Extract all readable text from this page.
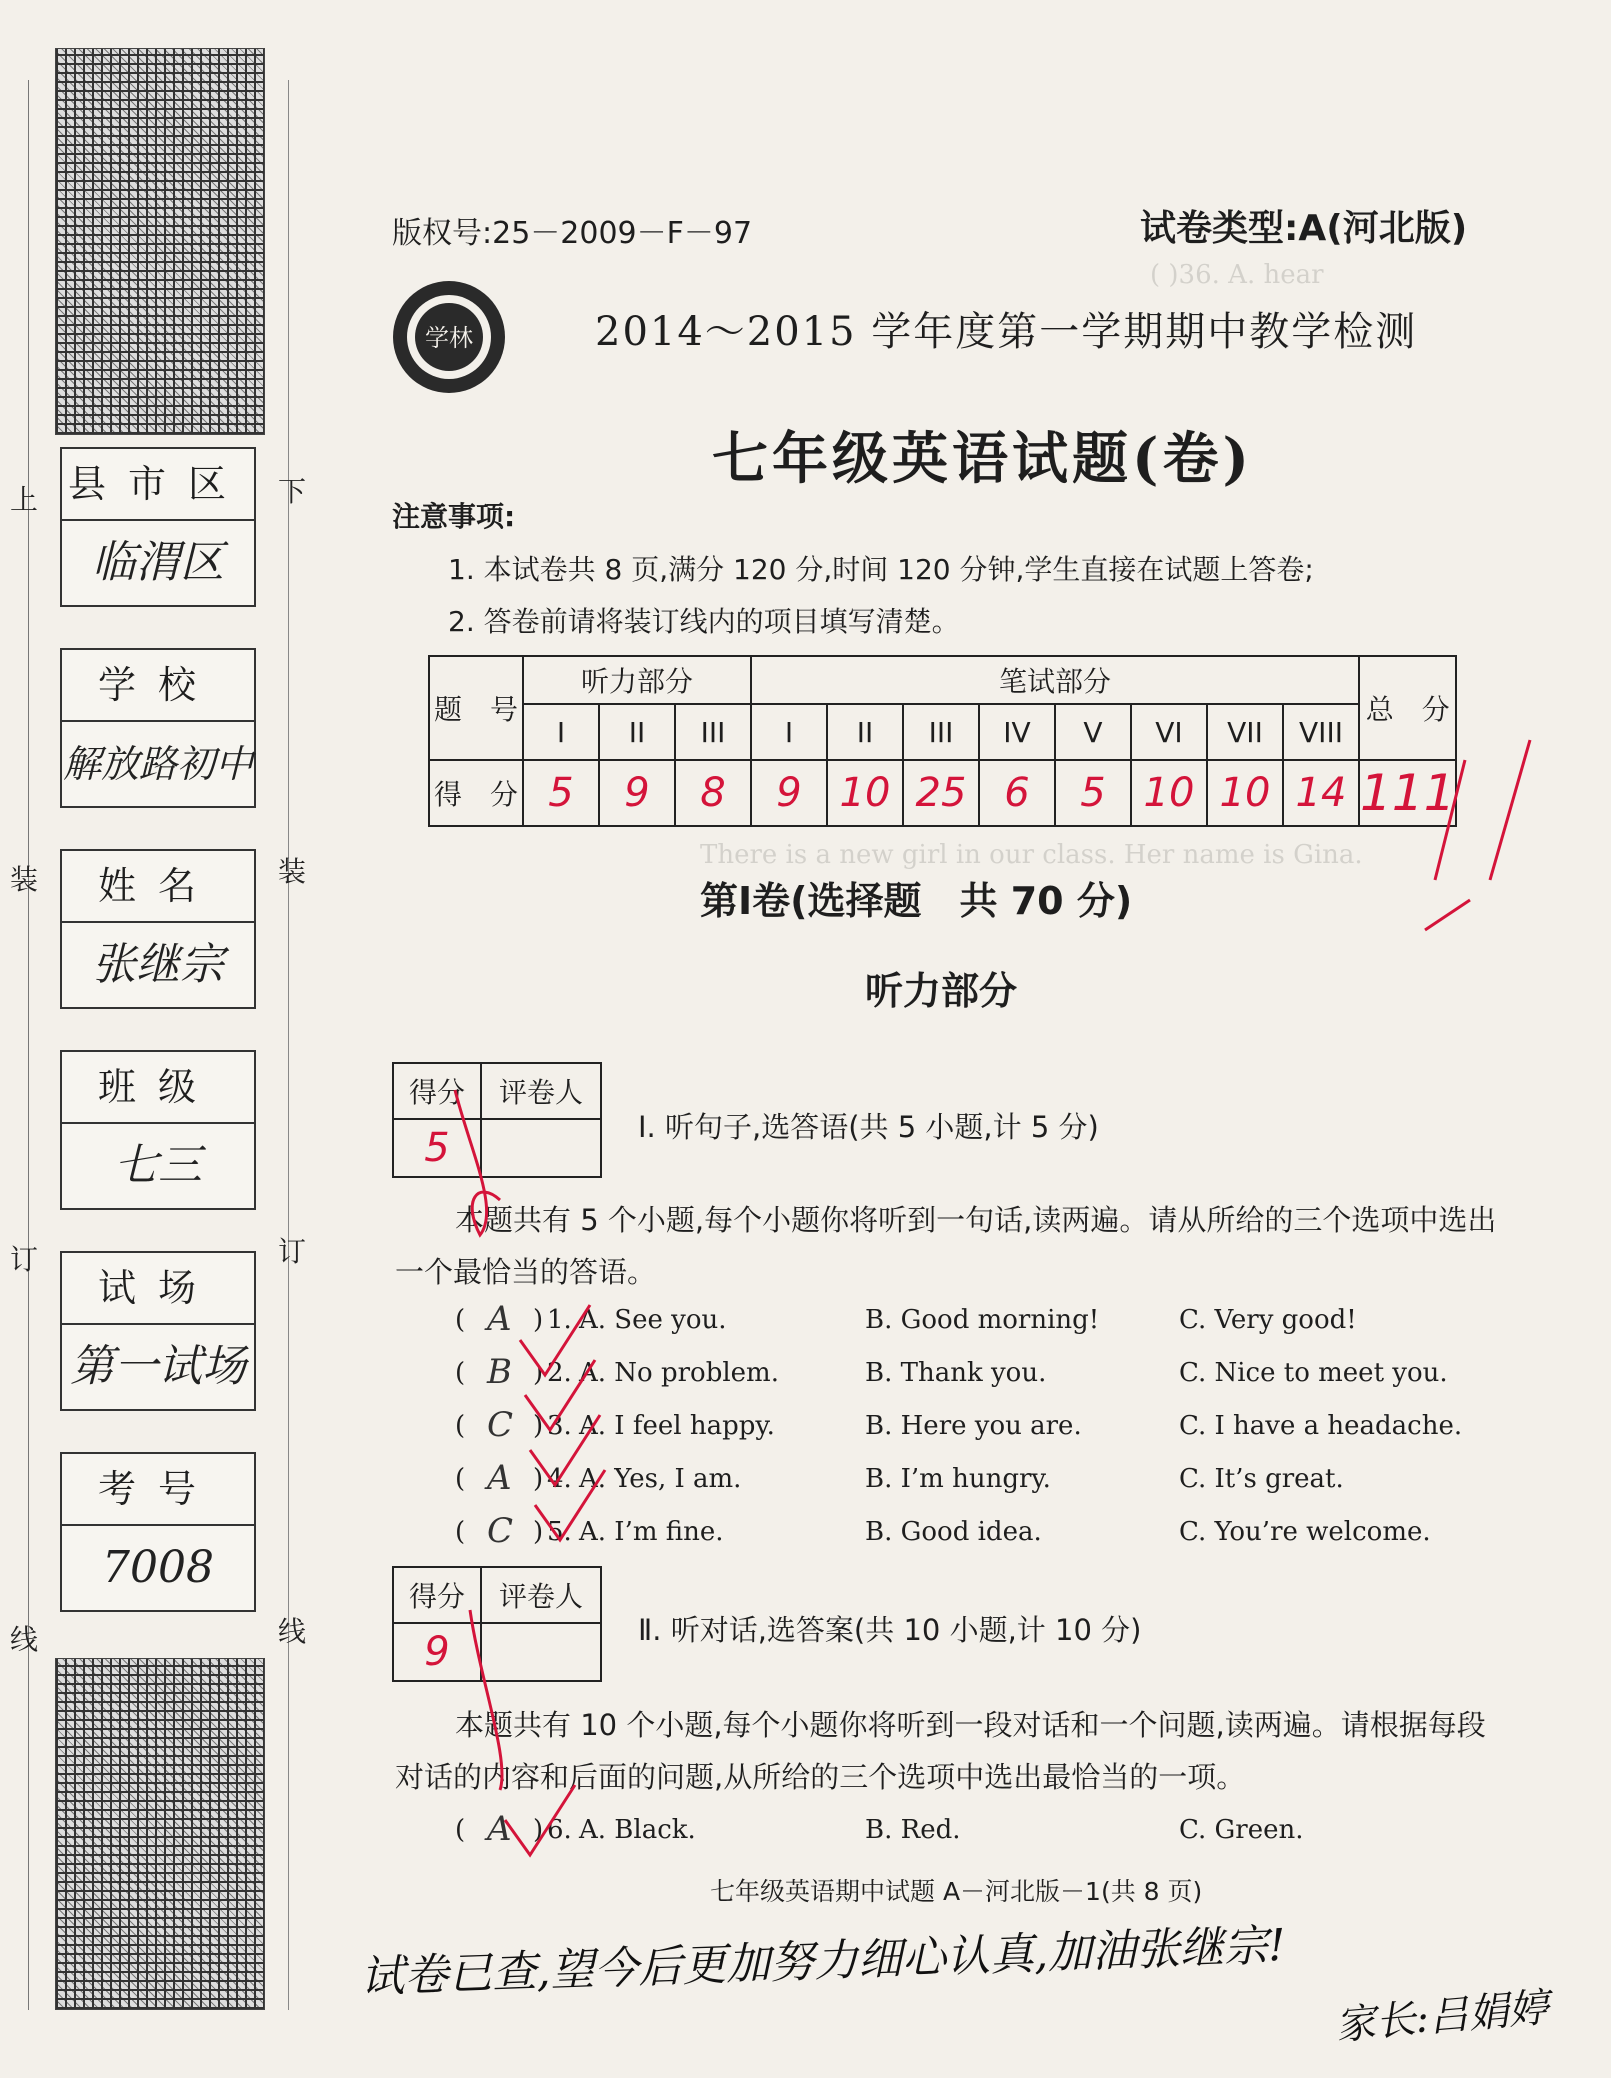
( )36. A. hear
There is a new girl in our class. Her name is Gina.
上
装
订
线
下
装
订
线
县市区
临渭区
学校
解放路初中
姓名
张继宗
班级
七三
试场
第一试场
考号
7008
版权号:25－2009－F－97	试卷类型:A(河北版)
学林	2014～2015 学年度第一学期期中教学检测
七年级英语试题(卷)
注意事项:
1. 本试卷共 8 页,满分 120 分,时间 120 分钟,学生直接在试题上答卷;
2. 答卷前请将装订线内的项目填写清楚。
题　号	听力部分			笔试部分								总　分
	I	II	III	I	II	III	IV	V	VI	VII	VIII	
得　分	5	9	8	9	10	25	6	5	10	10	14	111
第Ⅰ卷(选择题　共 70 分)
听力部分
得分	评卷人
5		Ⅰ. 听句子,选答语(共 5 小题,计 5 分)
本题共有 5 个小题,每个小题你将听到一句话,读两遍。请从所给的三个选项中选出
一个最恰当的答语。
( A ) 1. A. See you.	B. Good morning!	C. Very good!
( B ) 2. A. No problem.	B. Thank you.	C. Nice to meet you.
( C ) 3. A. I feel happy.	B. Here you are.	C. I have a headache.
( A ) 4. A. Yes, I am.	B. I’m hungry.	C. It’s great.
( C ) 5. A. I’m fine.	B. Good idea.	C. You’re welcome.
得分	评卷人
9		Ⅱ. 听对话,选答案(共 10 小题,计 10 分)
本题共有 10 个小题,每个小题你将听到一段对话和一个问题,读两遍。请根据每段
对话的内容和后面的问题,从所给的三个选项中选出最恰当的一项。
( A ) 6. A. Black.	B. Red.	C. Green.
七年级英语期中试题 A－河北版－1(共 8 页)
试卷已查,望今后更加努力细心认真,加油张继宗!
家长:吕娟婷
